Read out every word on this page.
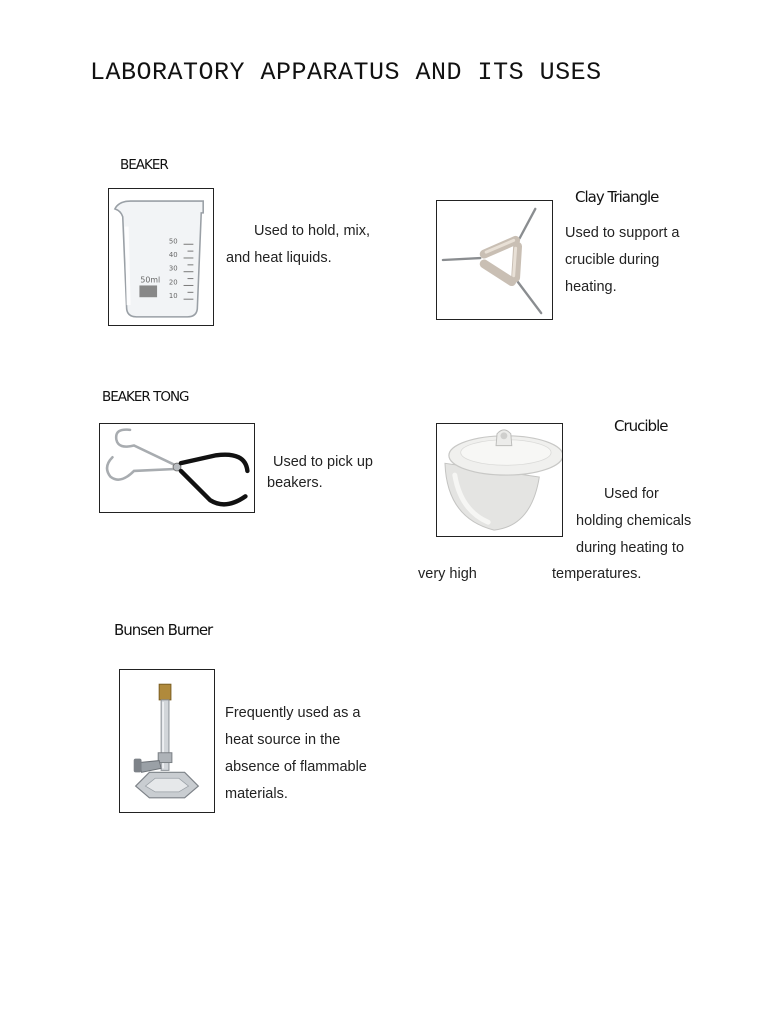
LABORATORY APPARATUS AND ITS USES
BEAKER
50
40
30
20
10
50ml
Used to hold, mix,
and heat liquids.
Clay Triangle
Used to support a
crucible during
heating.
BEAKER TONG
Used to pick up
beakers.
Crucible
Used for
holding chemicals
during heating to
very high	temperatures.
Bunsen Burner
Frequently used as a
heat source in the
absence of flammable
materials.
